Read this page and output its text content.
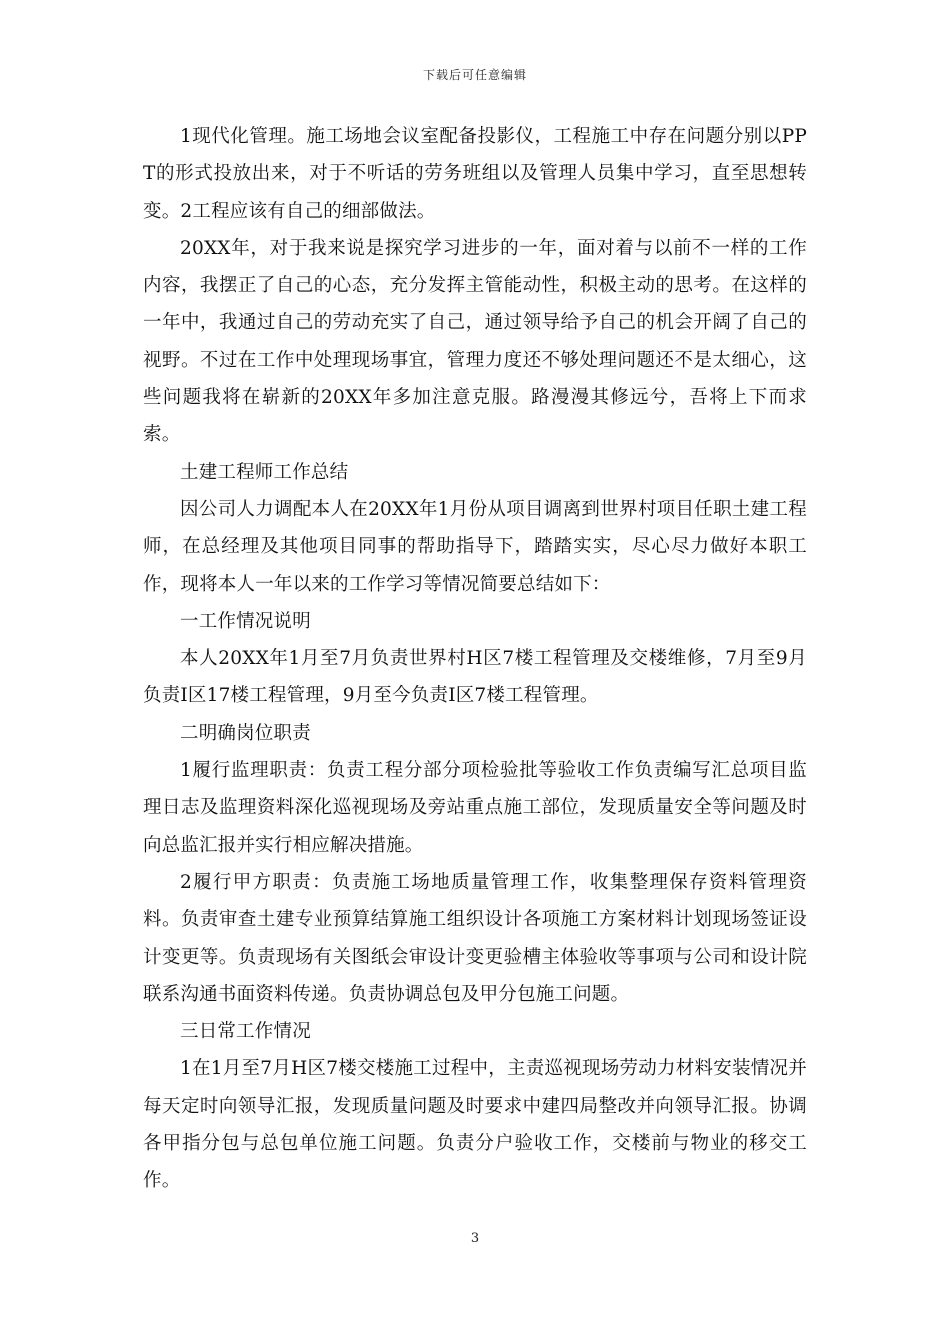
下载后可任意编辑

1现代化管理。施工场地会议室配备投影仪，工程施工中存在问题分别以PPT的形式投放出来，对于不听话的劳务班组以及管理人员集中学习，直至思想转变。2工程应该有自己的细部做法。

20XX年，对于我来说是探究学习进步的一年，面对着与以前不一样的工作内容，我摆正了自己的心态，充分发挥主管能动性，积极主动的思考。在这样的一年中，我通过自己的劳动充实了自己，通过领导给予自己的机会开阔了自己的视野。不过在工作中处理现场事宜，管理力度还不够处理问题还不是太细心，这些问题我将在崭新的20XX年多加注意克服。路漫漫其修远兮，吾将上下而求索。

土建工程师工作总结

因公司人力调配本人在20XX年1月份从项目调离到世界村项目任职土建工程师，在总经理及其他项目同事的帮助指导下，踏踏实实，尽心尽力做好本职工作，现将本人一年以来的工作学习等情况简要总结如下：

一工作情况说明

本人20XX年1月至7月负责世界村H区7楼工程管理及交楼维修，7月至9月负责I区17楼工程管理，9月至今负责I区7楼工程管理。

二明确岗位职责

1履行监理职责：负责工程分部分项检验批等验收工作负责编写汇总项目监理日志及监理资料深化巡视现场及旁站重点施工部位，发现质量安全等问题及时向总监汇报并实行相应解决措施。

2履行甲方职责：负责施工场地质量管理工作，收集整理保存资料管理资料。负责审查土建专业预算结算施工组织设计各项施工方案材料计划现场签证设计变更等。负责现场有关图纸会审设计变更验槽主体验收等事项与公司和设计院联系沟通书面资料传递。负责协调总包及甲分包施工问题。

三日常工作情况

1在1月至7月H区7楼交楼施工过程中，主责巡视现场劳动力材料安装情况并每天定时向领导汇报，发现质量问题及时要求中建四局整改并向领导汇报。协调各甲指分包与总包单位施工问题。负责分户验收工作，交楼前与物业的移交工作。

3
